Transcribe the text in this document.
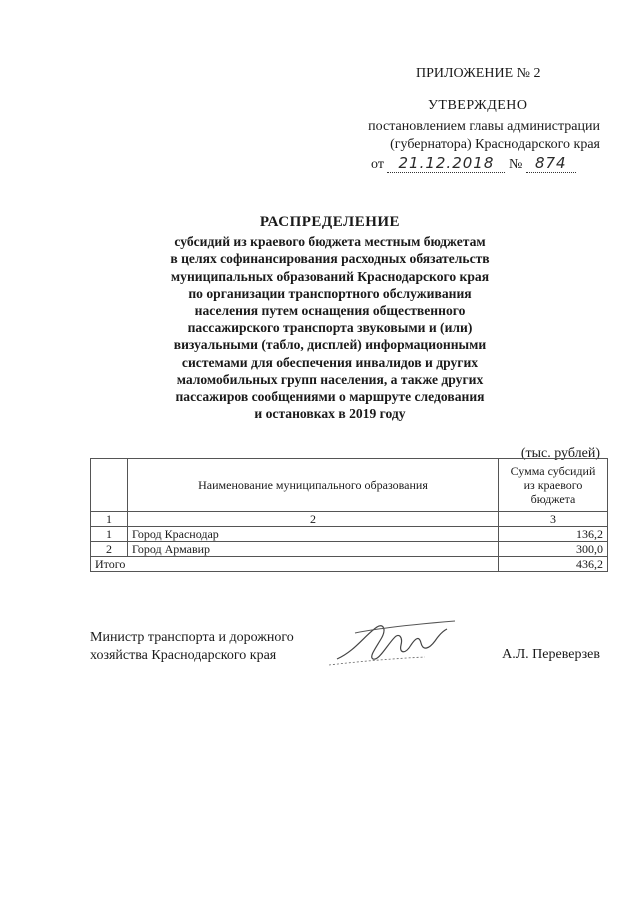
ПРИЛОЖЕНИЕ № 2
УТВЕРЖДЕНО
постановлением главы администрации
(губернатора) Краснодарского края
от 21.12.2018 № 874
РАСПРЕДЕЛЕНИЕ
субсидий из краевого бюджета местным бюджетам
в целях софинансирования расходных обязательств
муниципальных образований Краснодарского края
по организации транспортного обслуживания
населения путем оснащения общественного
пассажирского транспорта звуковыми и (или)
визуальными (табло, дисплей) информационными
системами для обеспечения инвалидов и других
маломобильных групп населения, а также других
пассажиров сообщениями о маршруте следования
и остановках в 2019 году
(тыс. рублей)
	Наименование муниципального образования	Сумма субсидий
из краевого
бюджета

1	2	3
1	Город Краснодар	136,2
2	Город Армавир	300,0
Итого		436,2
Министр транспорта и дорожного
хозяйства Краснодарского края	А.Л. Переверзев
